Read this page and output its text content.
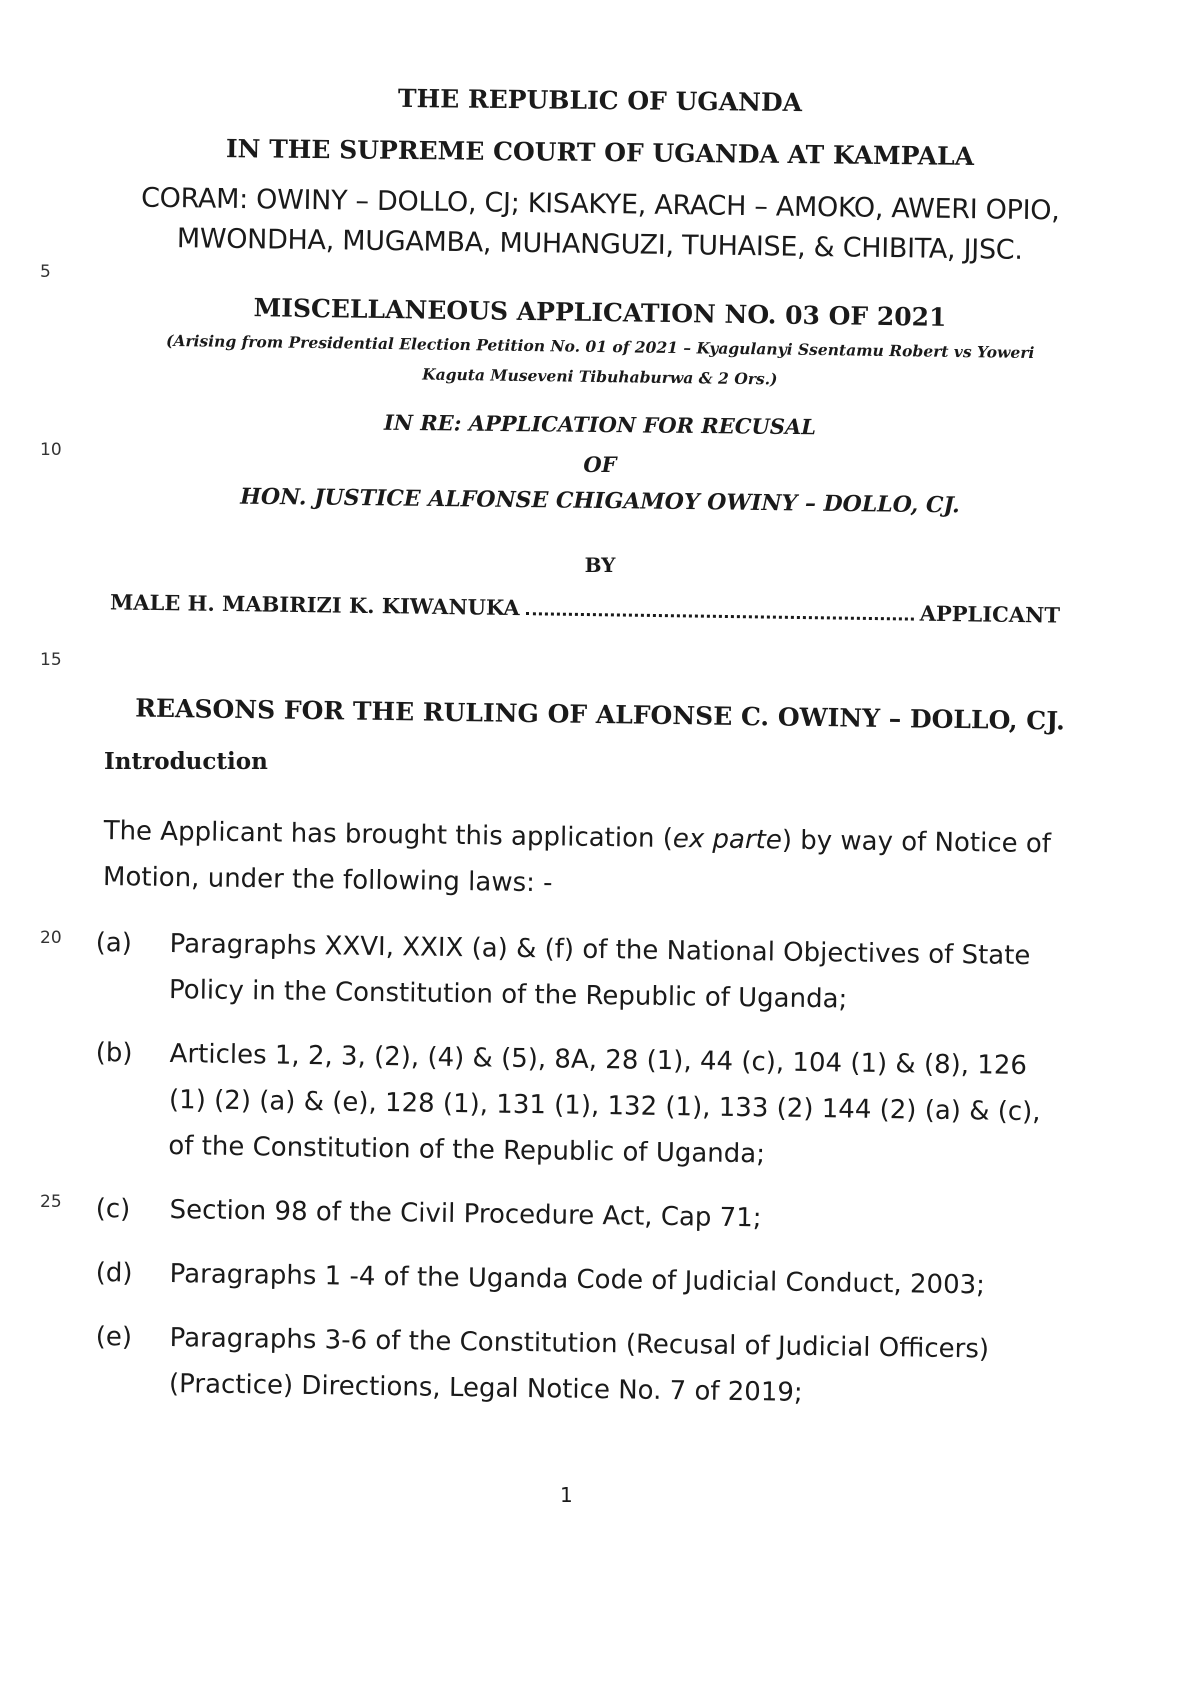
5
10
15
20
25
THE REPUBLIC OF UGANDA
IN THE SUPREME COURT OF UGANDA AT KAMPALA
CORAM: OWINY – DOLLO, CJ; KISAKYE, ARACH – AMOKO, AWERI OPIO,
MWONDHA, MUGAMBA, MUHANGUZI, TUHAISE, & CHIBITA, JJSC.
MISCELLANEOUS APPLICATION NO. 03 OF 2021
(Arising from Presidential Election Petition No. 01 of 2021 – Kyagulanyi Ssentamu Robert vs Yoweri
Kaguta Museveni Tibuhaburwa & 2 Ors.)
IN RE: APPLICATION FOR RECUSAL
OF
HON. JUSTICE ALFONSE CHIGAMOY OWINY – DOLLO, CJ.
BY
MALE H. MABIRIZI K. KIWANUKA	APPLICANT
REASONS FOR THE RULING OF ALFONSE C. OWINY – DOLLO, CJ.
Introduction
The Applicant has brought this application (ex parte) by way of Notice of Motion, under the following laws: -
(a)	Paragraphs XXVI, XXIX (a) & (f) of the National Objectives of State Policy in the Constitution of the Republic of Uganda;
(b)	Articles 1, 2, 3, (2), (4) & (5), 8A, 28 (1), 44 (c), 104 (1) & (8), 126 (1) (2) (a) & (e), 128 (1), 131 (1), 132 (1), 133 (2) 144 (2) (a) & (c), of the Constitution of the Republic of Uganda;
(c)	Section 98 of the Civil Procedure Act, Cap 71;
(d)	Paragraphs 1 -4 of the Uganda Code of Judicial Conduct, 2003;
(e)	Paragraphs 3-6 of the Constitution (Recusal of Judicial Officers) (Practice) Directions, Legal Notice No. 7 of 2019;
1
